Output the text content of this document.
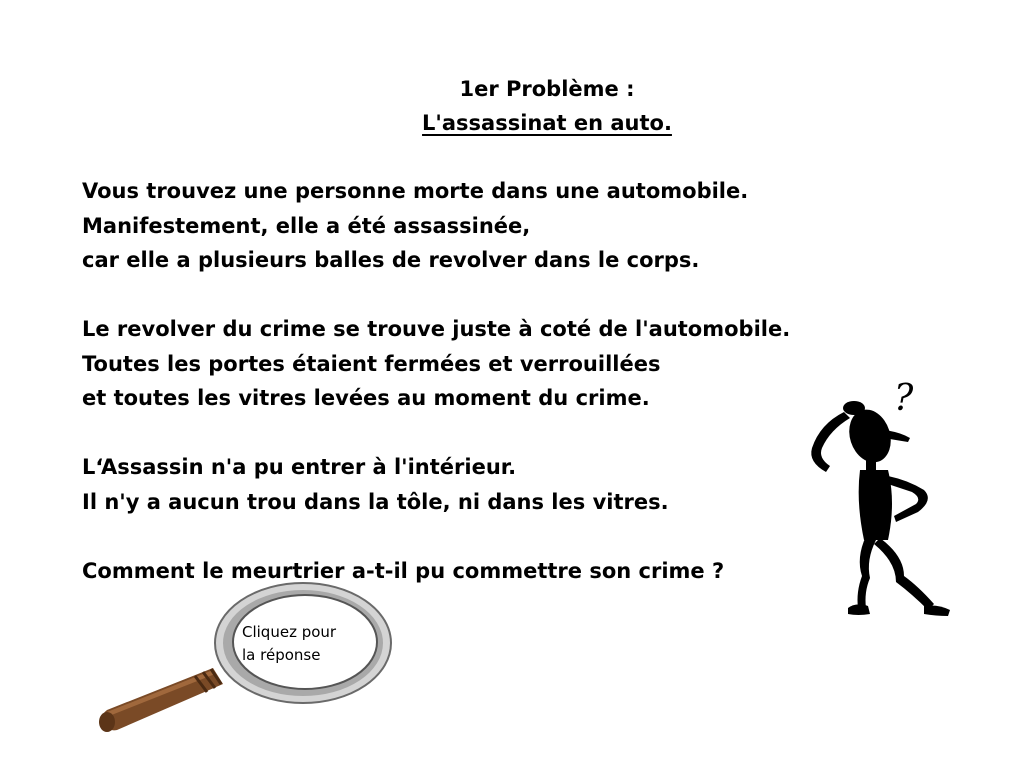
1er Problème :
L'assassinat en auto.

Vous trouvez une personne morte dans une automobile.
Manifestement, elle a été assassinée,
car elle a plusieurs balles de revolver dans le corps.

Le revolver du crime se trouve juste à coté de l'automobile.
Toutes les portes étaient fermées et verrouillées
et toutes les vitres levées au moment du crime.

L‘Assassin n'a pu entrer à l'intérieur.
Il n'y a aucun trou dans la tôle, ni dans les vitres.

Comment le meurtrier a-t-il pu commettre son crime ?

?
Cliquez pour
la réponse
